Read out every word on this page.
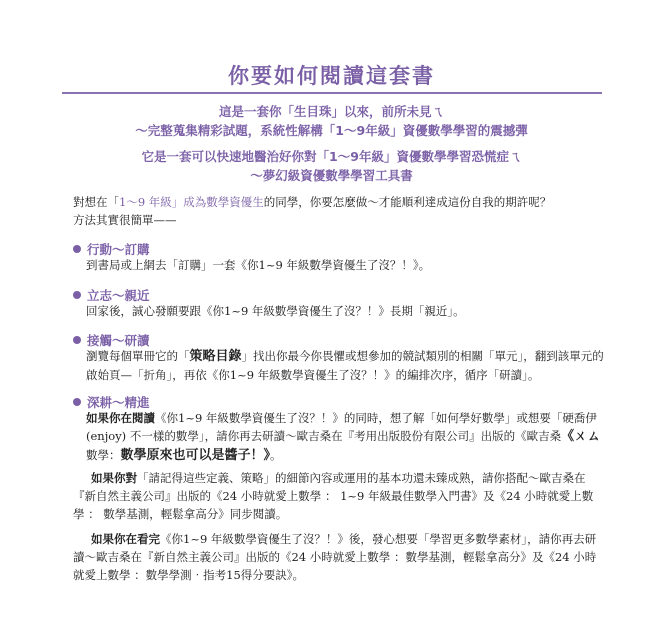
你要如何閱讀這套書
這是一套你「生目珠」以來，前所未見ㄟ
～完整蒐集精彩試題，系統性解構「1～9年級」資優數學學習的震撼彈
它是一套可以快速地醫治好你對「1～9年級」資優數學學習恐慌症ㄟ
～夢幻級資優數學學習工具書
對想在「1～9 年級」成為數學資優生的同學，你要怎麼做～才能順利達成這份自我的期許呢？
方法其實很簡單——
行動～訂購
到書局或上網去「訂購」一套《你1~9 年級數學資優生了沒？！》。
立志～親近
回家後，誠心發願要跟《你1~9 年級數學資優生了沒？！》長期「親近」。
接觸～研讀
瀏覽每個單冊它的「策略目錄」找出你最今你畏懼或想參加的競試類別的相關「單元」，翻到該單元的啟始頁—「折角」，再依《你1~9 年級數學資優生了沒？！》的編排次序，循序「研讀」。
深耕～精進
如果你在閱讀《你1~9 年級數學資優生了沒？！》的同時，想了解「如何學好數學」或想要「硬喬伊 (enjoy) 不一樣的數學」，請你再去研讀～歐吉桑在『考用出版股份有限公司』出版的《歐吉桑《ㄨㄙ數學：數學原來也可以是醬子！》。
如果你對「請記得這些定義、策略」的細節內容或運用的基本功還未臻成熟，請你搭配～歐吉桑在『新自然主義公司』出版的《24 小時就愛上數學 ： 1~9 年級最佳數學入門書》及《24 小時就愛上數學 ： 數學基測，輕鬆拿高分》同步閱讀。
如果你在看完《你1~9 年級數學資優生了沒？！》後，發心想要「學習更多數學素材」，請你再去研讀～歐吉桑在『新自然主義公司』出版的《24 小時就愛上數學 ：數學基測，輕鬆拿高分》及《24 小時就愛上數學 ：數學學測‧指考15得分要訣》。
